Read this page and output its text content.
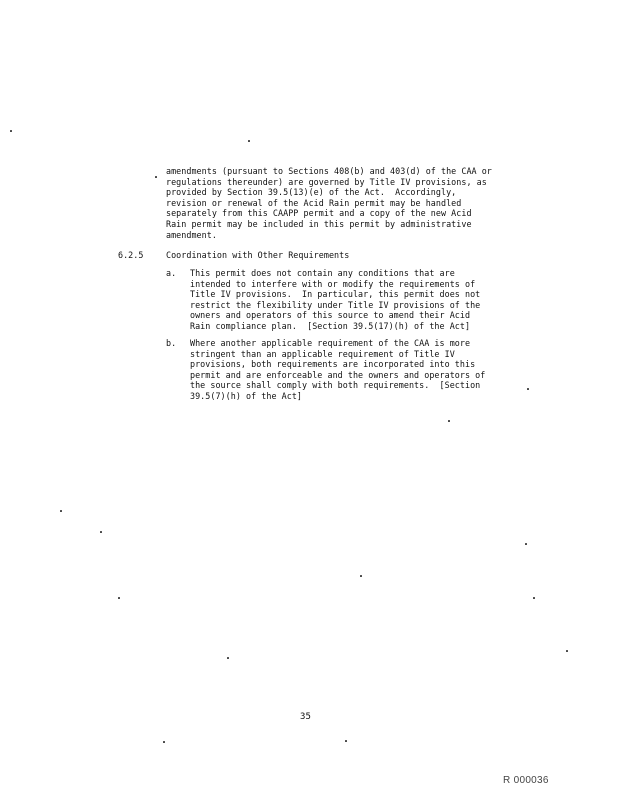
amendments (pursuant to Sections 408(b) and 403(d) of the CAA or
regulations thereunder) are governed by Title IV provisions, as
provided by Section 39.5(13)(e) of the Act.  Accordingly,
revision or renewal of the Acid Rain permit may be handled
separately from this CAAPP permit and a copy of the new Acid
Rain permit may be included in this permit by administrative
amendment.
6.2.5	Coordination with Other Requirements
a. This permit does not contain any conditions that are
intended to interfere with or modify the requirements of
Title IV provisions.  In particular, this permit does not
restrict the flexibility under Title IV provisions of the
owners and operators of this source to amend their Acid
Rain compliance plan.  [Section 39.5(17)(h) of the Act]
b. Where another applicable requirement of the CAA is more
stringent than an applicable requirement of Title IV
provisions, both requirements are incorporated into this
permit and are enforceable and the owners and operators of
the source shall comply with both requirements.  [Section
39.5(7)(h) of the Act]
35
R 000036
